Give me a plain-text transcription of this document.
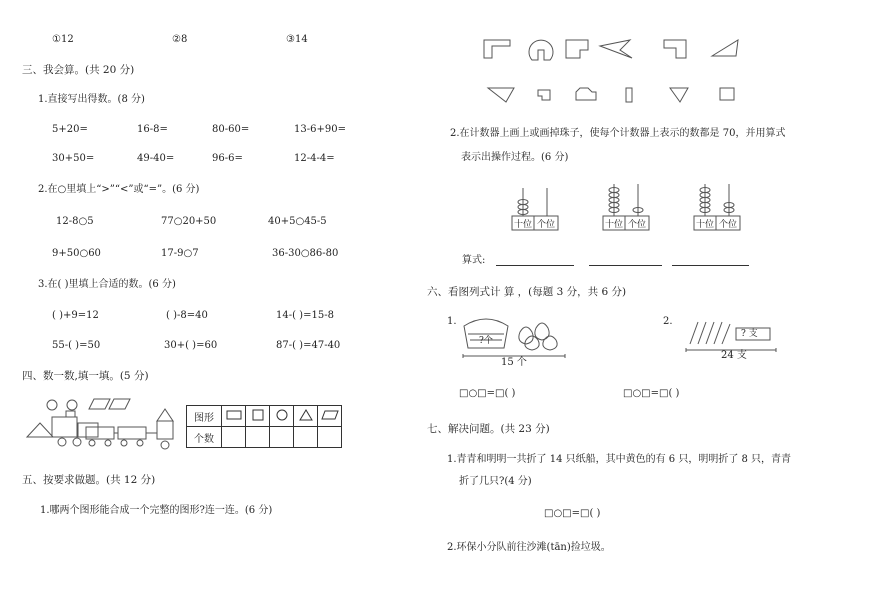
①12	②8	③14
三、我会算。(共 20 分)
1.直接写出得数。(8 分)
5+20=	16-8=	80-60=	13-6+90=
30+50=	49-40=	96-6=	12-4-4=
2.在○里填上“>”“<”或“=”。(6 分)
12-8○5	77○20+50	40+5○45-5
9+50○60	17-9○7	36-30○86-80
3.在( )里填上合适的数。(6 分)
( )+9=12	( )-8=40	14-( )=15-8
55-( )=50	30+( )=60	87-( )=47-40
四、数一数,填一填。(5 分)
图形					
个数					
五、按要求做题。(共 12 分)
1.哪两个图形能合成一个完整的图形?连一连。(6 分)
2.在计数器上画上或画掉珠子，使每个计数器上表示的数都是 70，并用算式
表示出操作过程。(6 分)
十位 个位	十位 个位	十位 个位
算式:
六、看图列式计 算 ，(每题 3 分，共 6 分)
1.
?个
15 个
2.
? 支
24 支
□○□=□( )	□○□=□( )
七、解决问题。(共 23 分)
1.青青和明明一共折了 14 只纸船，其中黄色的有 6 只，明明折了 8 只，青青
折了几只?(4 分)
□○□=□( )
2.环保小分队前往沙滩(tān)捡垃圾。
